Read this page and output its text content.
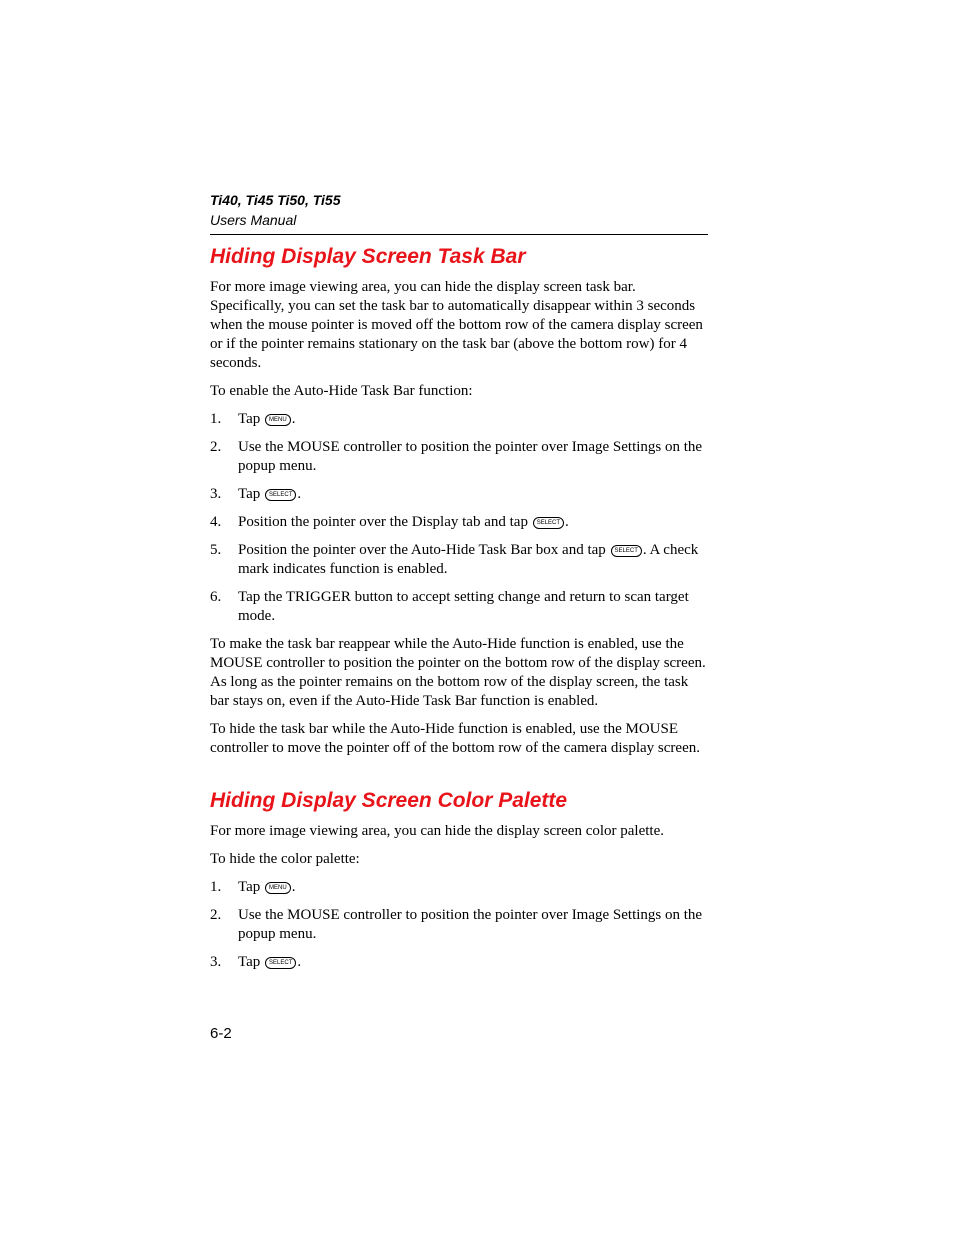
Ti40, Ti45 Ti50, Ti55
Users Manual
Hiding Display Screen Task Bar

For more image viewing area, you can hide the display screen task bar. Specifically, you can set the task bar to automatically disappear within 3 seconds when the mouse pointer is moved off the bottom row of the camera display screen or if the pointer remains stationary on the task bar (above the bottom row) for 4 seconds.

To enable the Auto-Hide Task Bar function:

1. Tap MENU .
2. Use the MOUSE controller to position the pointer over Image Settings on the popup menu.
3. Tap SELECT .
4. Position the pointer over the Display tab and tap SELECT .
5. Position the pointer over the Auto-Hide Task Bar box and tap SELECT . A check mark indicates function is enabled.
6. Tap the TRIGGER button to accept setting change and return to scan target mode.

To make the task bar reappear while the Auto-Hide function is enabled, use the MOUSE controller to position the pointer on the bottom row of the display screen. As long as the pointer remains on the bottom row of the display screen, the task bar stays on, even if the Auto-Hide Task Bar function is enabled.

To hide the task bar while the Auto-Hide function is enabled, use the MOUSE controller to move the pointer off of the bottom row of the camera display screen.

Hiding Display Screen Color Palette

For more image viewing area, you can hide the display screen color palette.

To hide the color palette:

1. Tap MENU .
2. Use the MOUSE controller to position the pointer over Image Settings on the popup menu.
3. Tap SELECT .
6-2
